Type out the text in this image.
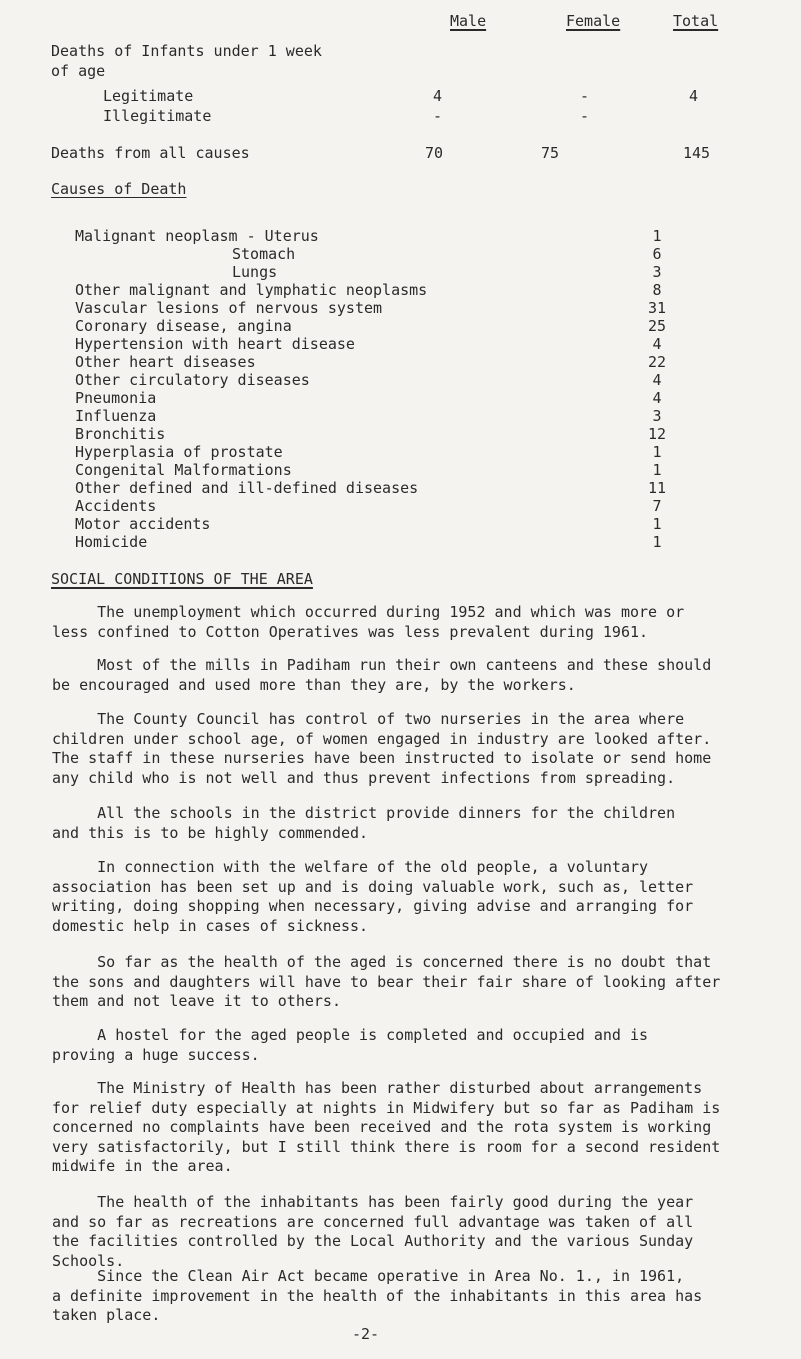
Male	Female	Total
Deaths of Infants under 1 week
of age
Legitimate	4	-	4
Illegitimate	-	-
Deaths from all causes	70	75	145
Causes of Death
Malignant neoplasm - Uterus	1
Stomach	6
Lungs	3
Other malignant and lymphatic neoplasms	8
Vascular lesions of nervous system	31
Coronary disease, angina	25
Hypertension with heart disease	4
Other heart diseases	22
Other circulatory diseases	4
Pneumonia	4
Influenza	3
Bronchitis	12
Hyperplasia of prostate	1
Congenital Malformations	1
Other defined and ill-defined diseases	11
Accidents	7
Motor accidents	1
Homicide	1
SOCIAL CONDITIONS OF THE AREA
The unemployment which occurred during 1952 and which was more or
less confined to Cotton Operatives was less prevalent during 1961.
Most of the mills in Padiham run their own canteens and these should
be encouraged and used more than they are, by the workers.
The County Council has control of two nurseries in the area where
children under school age, of women engaged in industry are looked after.
The staff in these nurseries have been instructed to isolate or send home
any child who is not well and thus prevent infections from spreading.
All the schools in the district provide dinners for the children
and this is to be highly commended.
In connection with the welfare of the old people, a voluntary
association has been set up and is doing valuable work, such as, letter
writing, doing shopping when necessary, giving advise and arranging for
domestic help in cases of sickness.
So far as the health of the aged is concerned there is no doubt that
the sons and daughters will have to bear their fair share of looking after
them and not leave it to others.
A hostel for the aged people is completed and occupied and is
proving a huge success.
The Ministry of Health has been rather disturbed about arrangements
for relief duty especially at nights in Midwifery but so far as Padiham is
concerned no complaints have been received and the rota system is working
very satisfactorily, but I still think there is room for a second resident
midwife in the area.
The health of the inhabitants has been fairly good during the year
and so far as recreations are concerned full advantage was taken of all
the facilities controlled by the Local Authority and the various Sunday
Schools.
Since the Clean Air Act became operative in Area No. 1., in 1961,
a definite improvement in the health of the inhabitants in this area has
taken place.
-2-
